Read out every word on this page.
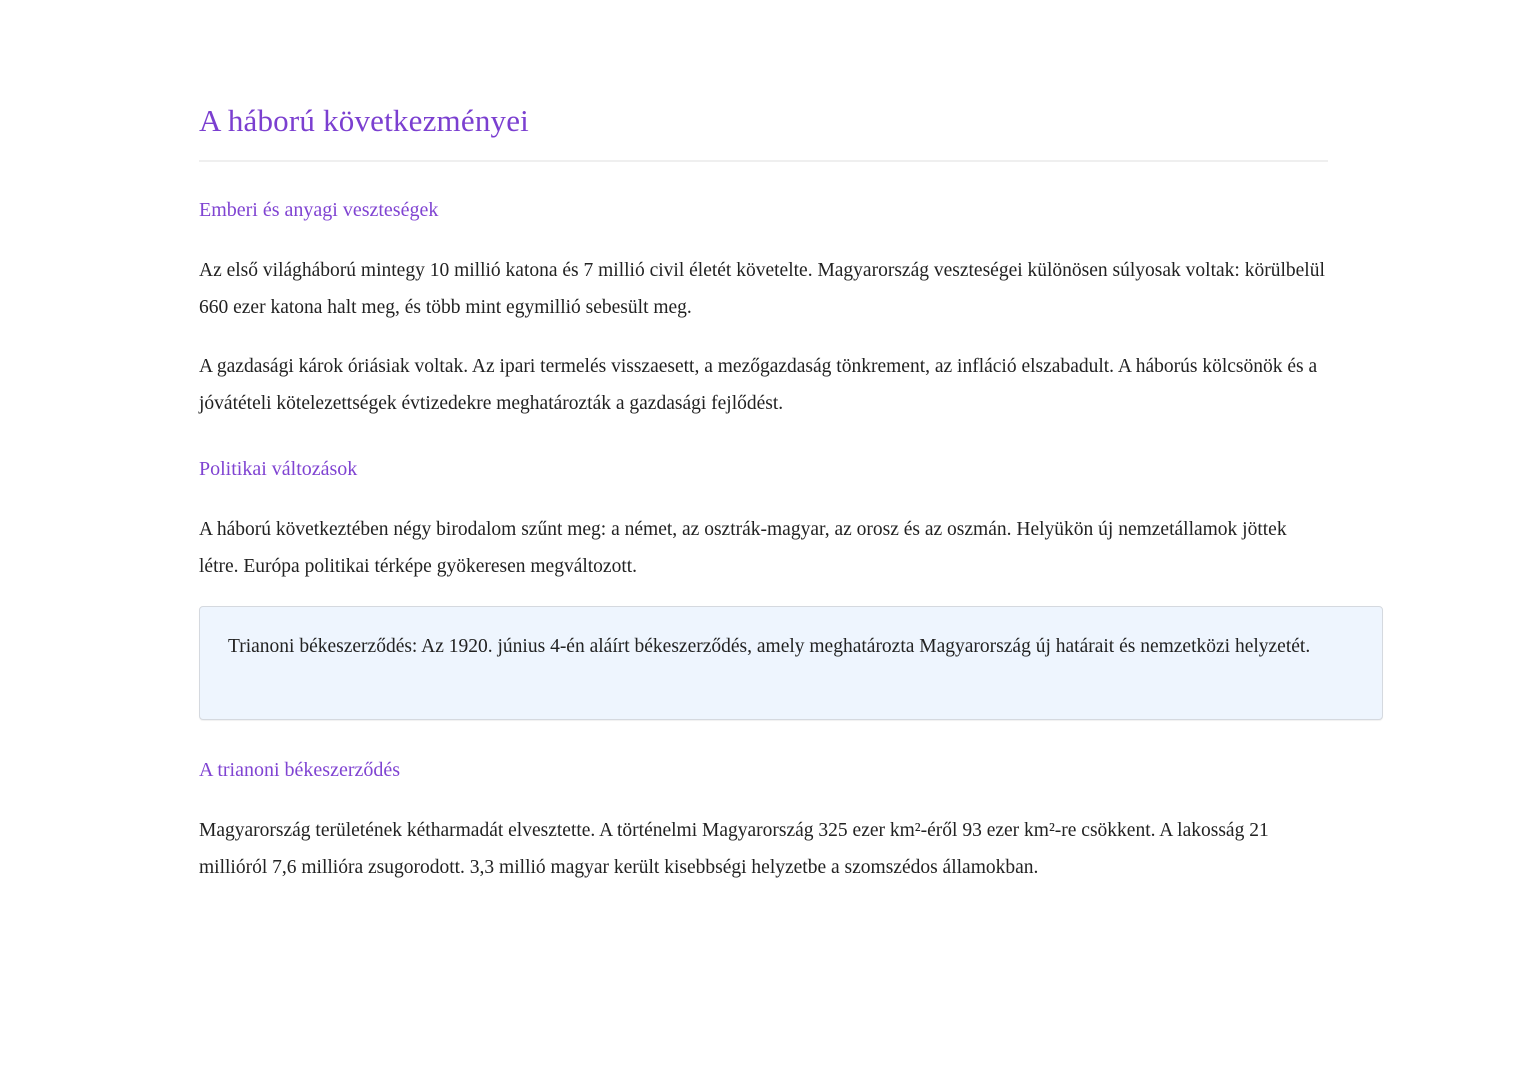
A háború következményei
Emberi és anyagi veszteségek

Az első világháború mintegy 10 millió katona és 7 millió civil életét követelte. Magyarország veszteségei különösen súlyosak voltak: körülbelül 660 ezer katona halt meg, és több mint egymillió sebesült meg.

A gazdasági károk óriásiak voltak. Az ipari termelés visszaesett, a mezőgazdaság tönkrement, az infláció elszabadult. A háborús kölcsönök és a jóvátételi kötelezettségek évtizedekre meghatározták a gazdasági fejlődést.

Politikai változások

A háború következtében négy birodalom szűnt meg: a német, az osztrák-magyar, az orosz és az oszmán. Helyükön új nemzetállamok jöttek létre. Európa politikai térképe gyökeresen megváltozott.

Trianoni békeszerződés: Az 1920. június 4-én aláírt békeszerződés, amely meghatározta Magyarország új határait és nemzetközi helyzetét.

A trianoni békeszerződés

Magyarország területének kétharmadát elvesztette. A történelmi Magyarország 325 ezer km²-éről 93 ezer km²-re csökkent. A lakosság 21 millióról 7,6 millióra zsugorodott. 3,3 millió magyar került kisebbségi helyzetbe a szomszédos államokban.
